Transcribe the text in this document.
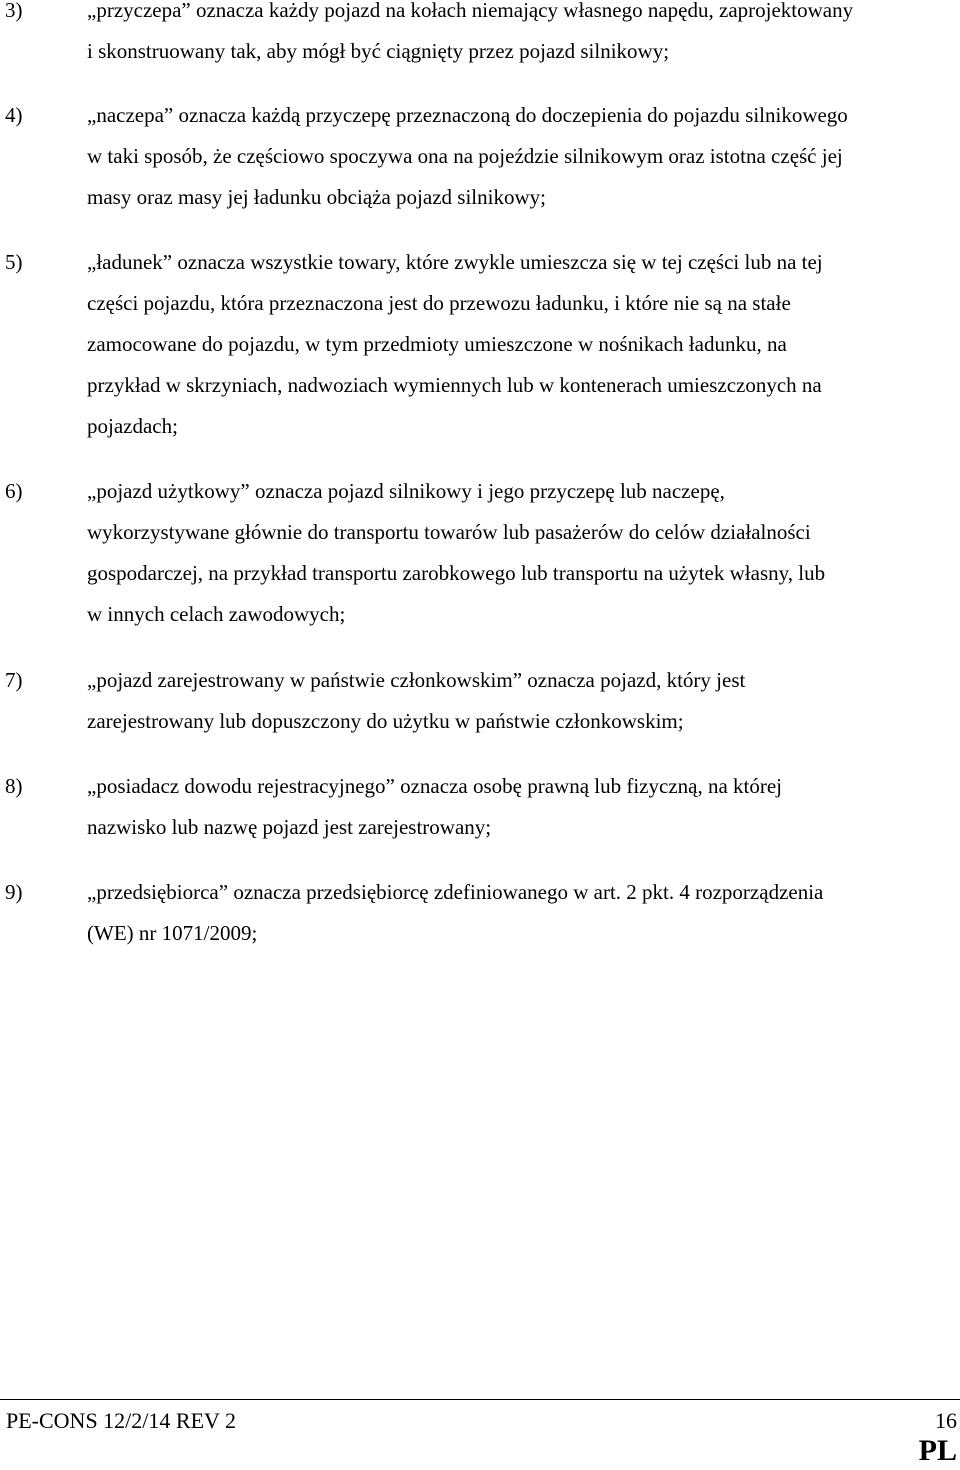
3)	„przyczepa” oznacza każdy pojazd na kołach niemający własnego napędu, zaprojektowany
i skonstruowany tak, aby mógł być ciągnięty przez pojazd silnikowy;
4)	„naczepa” oznacza każdą przyczepę przeznaczoną do doczepienia do pojazdu silnikowego
w taki sposób, że częściowo spoczywa ona na pojeździe silnikowym oraz istotna część jej
masy oraz masy jej ładunku obciąża pojazd silnikowy;
5)	„ładunek” oznacza wszystkie towary, które zwykle umieszcza się w tej części lub na tej
części pojazdu, która przeznaczona jest do przewozu ładunku, i które nie są na stałe
zamocowane do pojazdu, w tym przedmioty umieszczone w nośnikach ładunku, na
przykład w skrzyniach, nadwoziach wymiennych lub w kontenerach umieszczonych na
pojazdach;
6)	„pojazd użytkowy” oznacza pojazd silnikowy i jego przyczepę lub naczepę,
wykorzystywane głównie do transportu towarów lub pasażerów do celów działalności
gospodarczej, na przykład transportu zarobkowego lub transportu na użytek własny, lub
w innych celach zawodowych;
7)	„pojazd zarejestrowany w państwie członkowskim” oznacza pojazd, który jest
zarejestrowany lub dopuszczony do użytku w państwie członkowskim;
8)	„posiadacz dowodu rejestracyjnego” oznacza osobę prawną lub fizyczną, na której
nazwisko lub nazwę pojazd jest zarejestrowany;
9)	„przedsiębiorca” oznacza przedsiębiorcę zdefiniowanego w art. 2 pkt. 4 rozporządzenia
(WE) nr 1071/2009;
PE-CONS 12/2/14 REV 2	16
PL
